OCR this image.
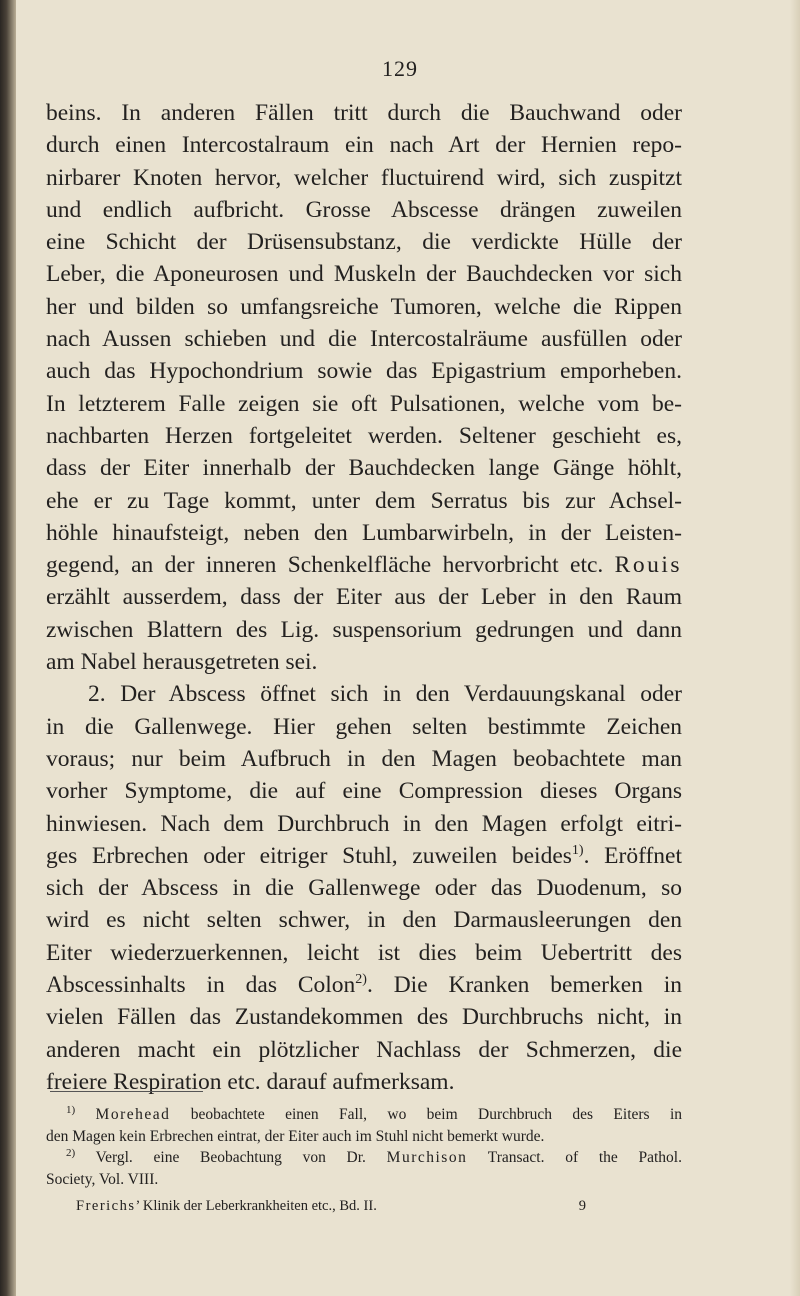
129
beins. In anderen Fällen tritt durch die Bauchwand oder
durch einen Intercostalraum ein nach Art der Hernien repo-
nirbarer Knoten hervor, welcher fluctuirend wird, sich zuspitzt
und endlich aufbricht. Grosse Abscesse drängen zuweilen
eine Schicht der Drüsensubstanz, die verdickte Hülle der
Leber, die Aponeurosen und Muskeln der Bauchdecken vor sich
her und bilden so umfangsreiche Tumoren, welche die Rippen
nach Aussen schieben und die Intercostalräume ausfüllen oder
auch das Hypochondrium sowie das Epigastrium emporheben.
In letzterem Falle zeigen sie oft Pulsationen, welche vom be-
nachbarten Herzen fortgeleitet werden. Seltener geschieht es,
dass der Eiter innerhalb der Bauchdecken lange Gänge höhlt,
ehe er zu Tage kommt, unter dem Serratus bis zur Achsel-
höhle hinaufsteigt, neben den Lumbarwirbeln, in der Leisten-
gegend, an der inneren Schenkelfläche hervorbricht etc. Rouis
erzählt ausserdem, dass der Eiter aus der Leber in den Raum
zwischen Blattern des Lig. suspensorium gedrungen und dann
am Nabel herausgetreten sei.
2. Der Abscess öffnet sich in den Verdauungskanal oder
in die Gallenwege. Hier gehen selten bestimmte Zeichen
voraus; nur beim Aufbruch in den Magen beobachtete man
vorher Symptome, die auf eine Compression dieses Organs
hinwiesen. Nach dem Durchbruch in den Magen erfolgt eitri-
ges Erbrechen oder eitriger Stuhl, zuweilen beides$^{1)}$. Eröffnet
sich der Abscess in die Gallenwege oder das Duodenum, so
wird es nicht selten schwer, in den Darmausleerungen den
Eiter wiederzuerkennen, leicht ist dies beim Uebertritt des
Abscessinhalts in das Colon$^{2)}$. Die Kranken bemerken in
vielen Fällen das Zustandekommen des Durchbruchs nicht, in
anderen macht ein plötzlicher Nachlass der Schmerzen, die
freiere Respiration etc. darauf aufmerksam.
$^{1)}$ Morehead beobachtete einen Fall, wo beim Durchbruch des Eiters in
den Magen kein Erbrechen eintrat, der Eiter auch im Stuhl nicht bemerkt wurde.
$^{2)}$ Vergl. eine Beobachtung von Dr. Murchison Transact. of the Pathol.
Society, Vol. VIII.
Frerichs’ Klinik der Leberkrankheiten etc., Bd. II.	9
